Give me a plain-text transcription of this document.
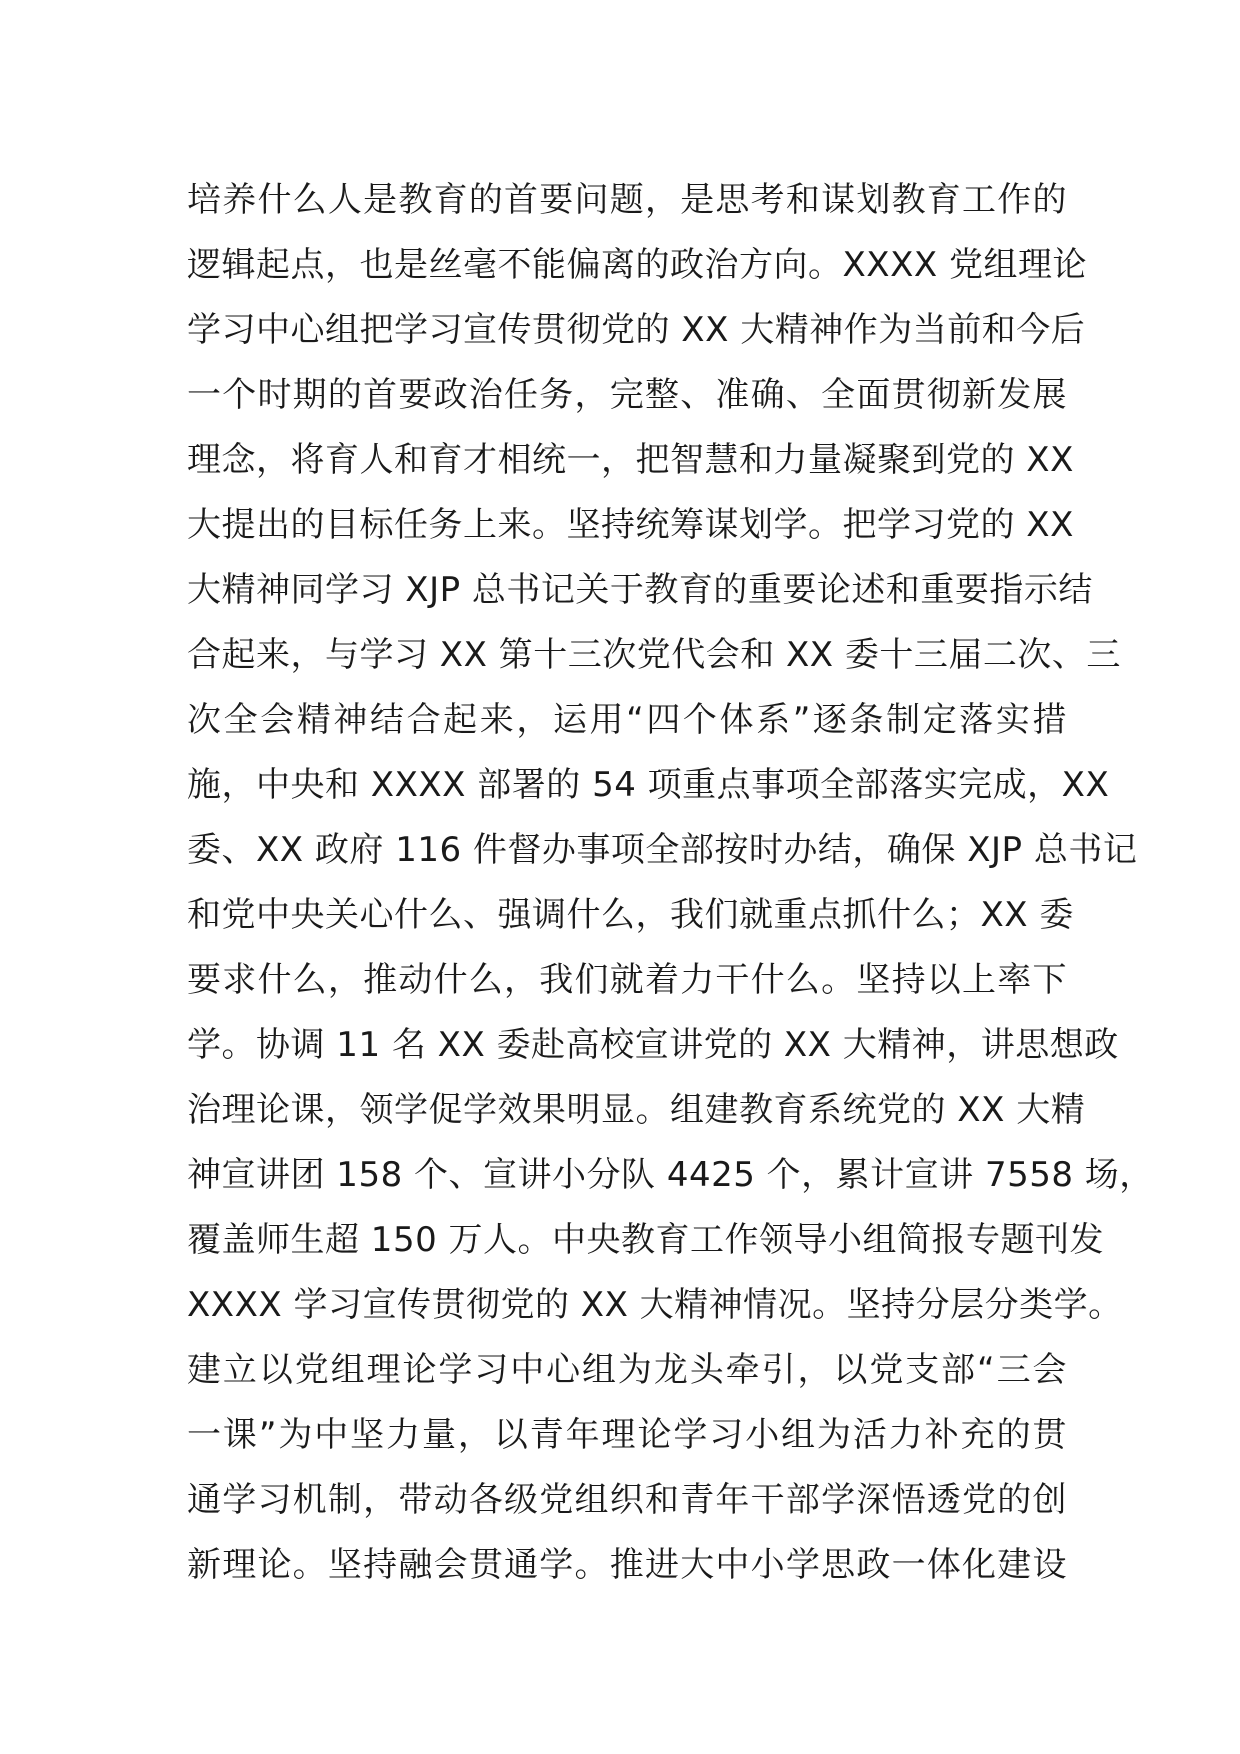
培养什么人是教育的首要问题，是思考和谋划教育工作的
逻辑起点，也是丝毫不能偏离的政治方向。XXXX 党组理论
学习中心组把学习宣传贯彻党的 XX 大精神作为当前和今后
一个时期的首要政治任务，完整、准确、全面贯彻新发展
理念，将育人和育才相统一，把智慧和力量凝聚到党的 XX
大提出的目标任务上来。坚持统筹谋划学。把学习党的 XX
大精神同学习 XJP 总书记关于教育的重要论述和重要指示结
合起来，与学习 XX 第十三次党代会和 XX 委十三届二次、三
次全会精神结合起来，运用“四个体系”逐条制定落实措
施，中央和 XXXX 部署的 54 项重点事项全部落实完成，XX
委、XX 政府 116 件督办事项全部按时办结，确保 XJP 总书记
和党中央关心什么、强调什么，我们就重点抓什么；XX 委
要求什么，推动什么，我们就着力干什么。坚持以上率下
学。协调 11 名 XX 委赴高校宣讲党的 XX 大精神，讲思想政
治理论课，领学促学效果明显。组建教育系统党的 XX 大精
神宣讲团 158 个、宣讲小分队 4425 个，累计宣讲 7558 场，
覆盖师生超 150 万人。中央教育工作领导小组简报专题刊发
XXXX 学习宣传贯彻党的 XX 大精神情况。坚持分层分类学。
建立以党组理论学习中心组为龙头牵引，以党支部“三会
一课”为中坚力量，以青年理论学习小组为活力补充的贯
通学习机制，带动各级党组织和青年干部学深悟透党的创
新理论。坚持融会贯通学。推进大中小学思政一体化建设
